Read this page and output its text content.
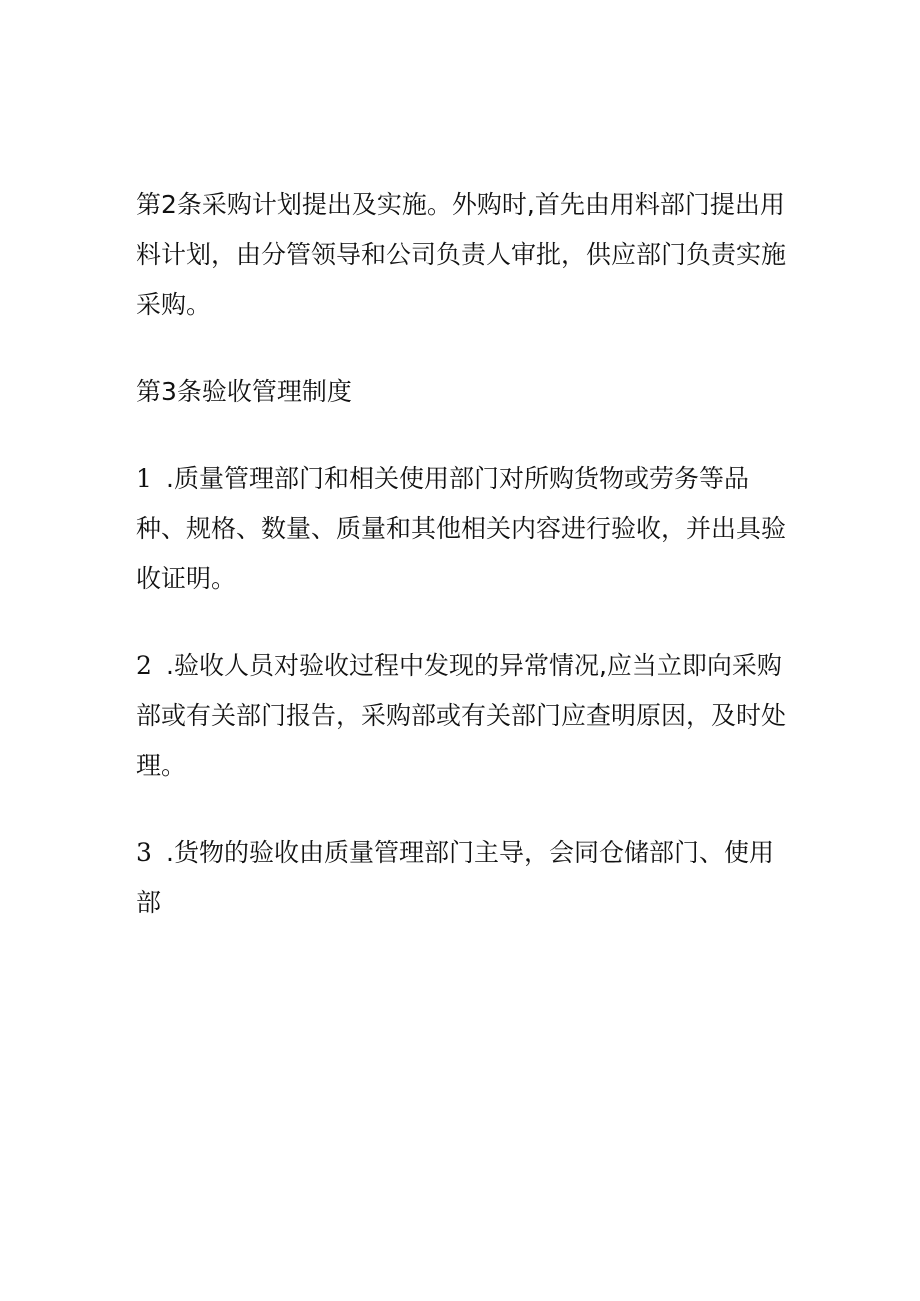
第2条采购计划提出及实施。外购时,首先由用料部门提出用料计划，由分管领导和公司负责人审批，供应部门负责实施采购。

第3条验收管理制度

1 .质量管理部门和相关使用部门对所购货物或劳务等品种、规格、数量、质量和其他相关内容进行验收，并出具验收证明。

2 .验收人员对验收过程中发现的异常情况,应当立即向采购部或有关部门报告，采购部或有关部门应查明原因，及时处理。

3 .货物的验收由质量管理部门主导，会同仓储部门、使用部
